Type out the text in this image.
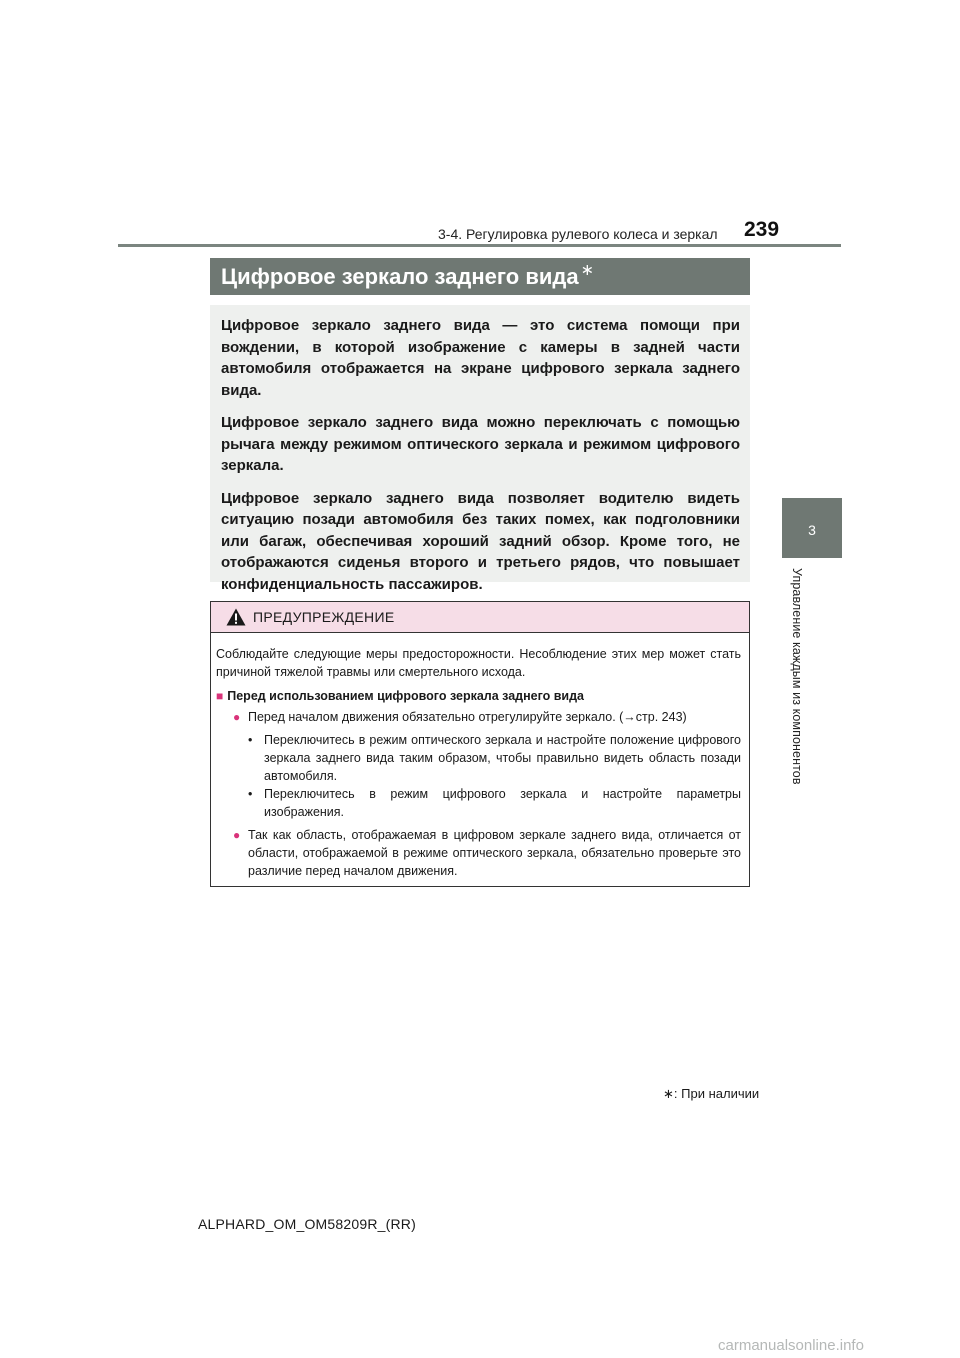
3-4. Регулировка рулевого колеса и зеркал 239
3
Управление каждым из компонентов
Цифровое зеркало заднего вида ∗

Цифровое зеркало заднего вида — это система помощи при вождении, в которой изображение с камеры в задней части автомобиля отображается на экране цифрового зеркала заднего вида.

Цифровое зеркало заднего вида можно переключать с помощью рычага между режимом оптического зеркала и режимом цифрового зеркала.

Цифровое зеркало заднего вида позволяет водителю видеть ситуацию позади автомобиля без таких помех, как подголовники или багаж, обеспечивая хороший задний обзор. Кроме того, не отображаются сиденья второго и третьего рядов, что повышает конфиденциальность пассажиров.

ПРЕДУПРЕЖДЕНИЕ

Соблюдайте следующие меры предосторожности. Несоблюдение этих мер может стать причиной тяжелой травмы или смертельного исхода.

■ Перед использованием цифрового зеркала заднего вида
● Перед началом движения обязательно отрегулируйте зеркало. (→стр. 243)
• Переключитесь в режим оптического зеркала и настройте положение цифрового зеркала заднего вида таким образом, чтобы правильно видеть область позади автомобиля.
• Переключитесь в режим цифрового зеркала и настройте параметры изображения.
● Так как область, отображаемая в цифровом зеркале заднего вида, отличается от области, отображаемой в режиме оптического зеркала, обязательно проверьте это различие перед началом движения.
∗: При наличии
ALPHARD_OM_OM58209R_(RR)
carmanualsonline.info
